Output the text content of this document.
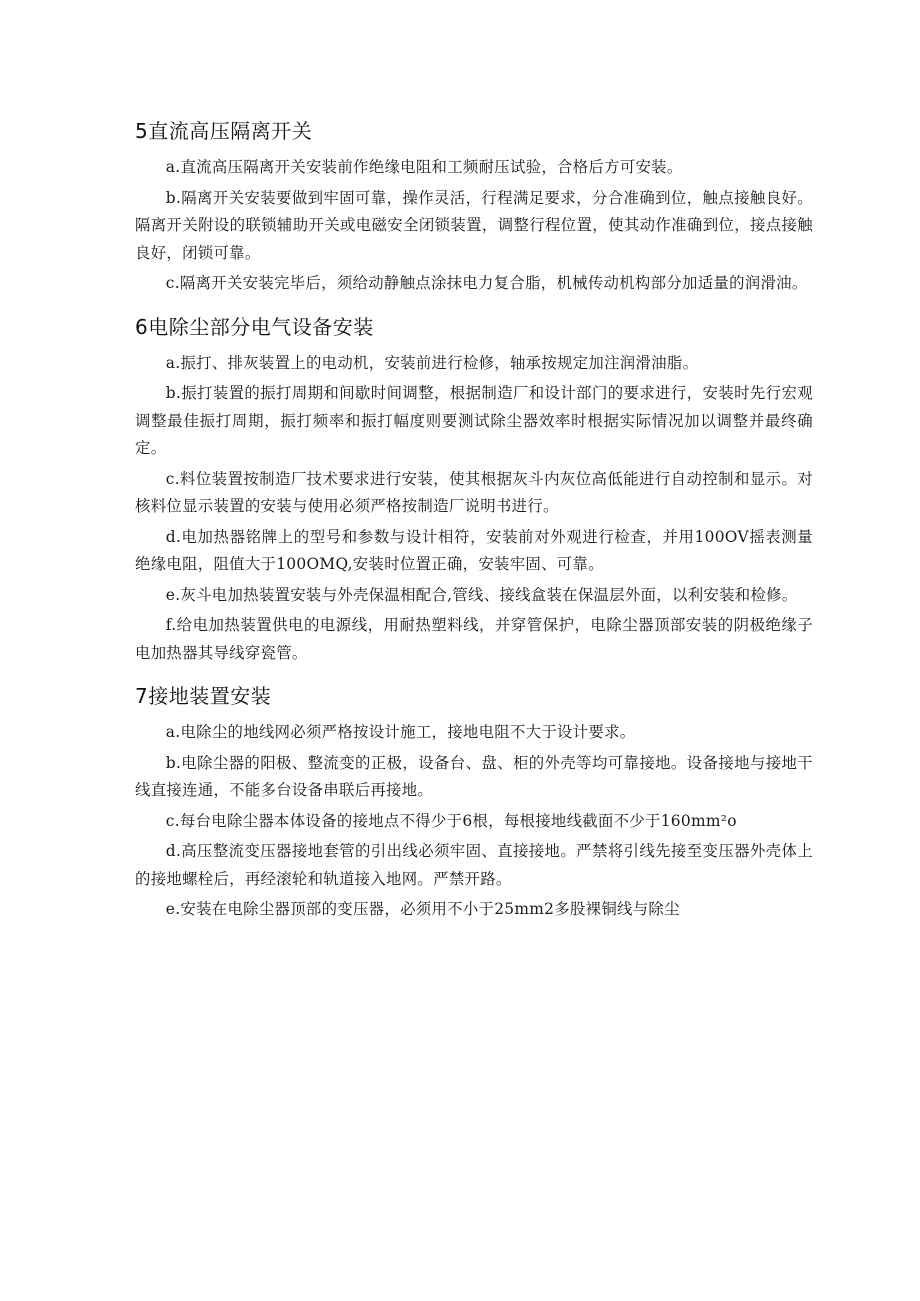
5直流高压隔离开关

a.直流高压隔离开关安装前作绝缘电阻和工频耐压试验，合格后方可安装。

b.隔离开关安装要做到牢固可靠，操作灵活，行程满足要求，分合准确到位，触点接触良好。隔离开关附设的联锁辅助开关或电磁安全闭锁装置，调整行程位置，使其动作准确到位，接点接触良好，闭锁可靠。

c.隔离开关安装完毕后，须给动静触点涂抹电力复合脂，机械传动机构部分加适量的润滑油。

6电除尘部分电气设备安装

a.振打、排灰装置上的电动机，安装前进行检修，轴承按规定加注润滑油脂。

b.振打装置的振打周期和间歇时间调整，根据制造厂和设计部门的要求进行，安装时先行宏观调整最佳振打周期，振打频率和振打幅度则要测试除尘器效率时根据实际情况加以调整并最终确定。

c.料位装置按制造厂技术要求进行安装，使其根据灰斗内灰位高低能进行自动控制和显示。对核料位显示装置的安装与使用必须严格按制造厂说明书进行。

d.电加热器铭牌上的型号和参数与设计相符，安装前对外观进行检查，并用100OV摇表测量绝缘电阻，阻值大于100OMQ,安装时位置正确，安装牢固、可靠。

e.灰斗电加热装置安装与外壳保温相配合,管线、接线盒装在保温层外面，以利安装和检修。

f.给电加热装置供电的电源线，用耐热塑料线，并穿管保护，电除尘器顶部安装的阴极绝缘子电加热器其导线穿瓷管。

7接地装置安装

a.电除尘的地线网必须严格按设计施工，接地电阻不大于设计要求。

b.电除尘器的阳极、整流变的正极，设备台、盘、柜的外壳等均可靠接地。设备接地与接地干线直接连通，不能多台设备串联后再接地。

c.每台电除尘器本体设备的接地点不得少于6根，每根接地线截面不少于160mm²o

d.高压整流变压器接地套管的引出线必须牢固、直接接地。严禁将引线先接至变压器外壳体上的接地螺栓后，再经滚轮和轨道接入地网。严禁开路。

e.安装在电除尘器顶部的变压器，必须用不小于25mm2多股裸铜线与除尘
